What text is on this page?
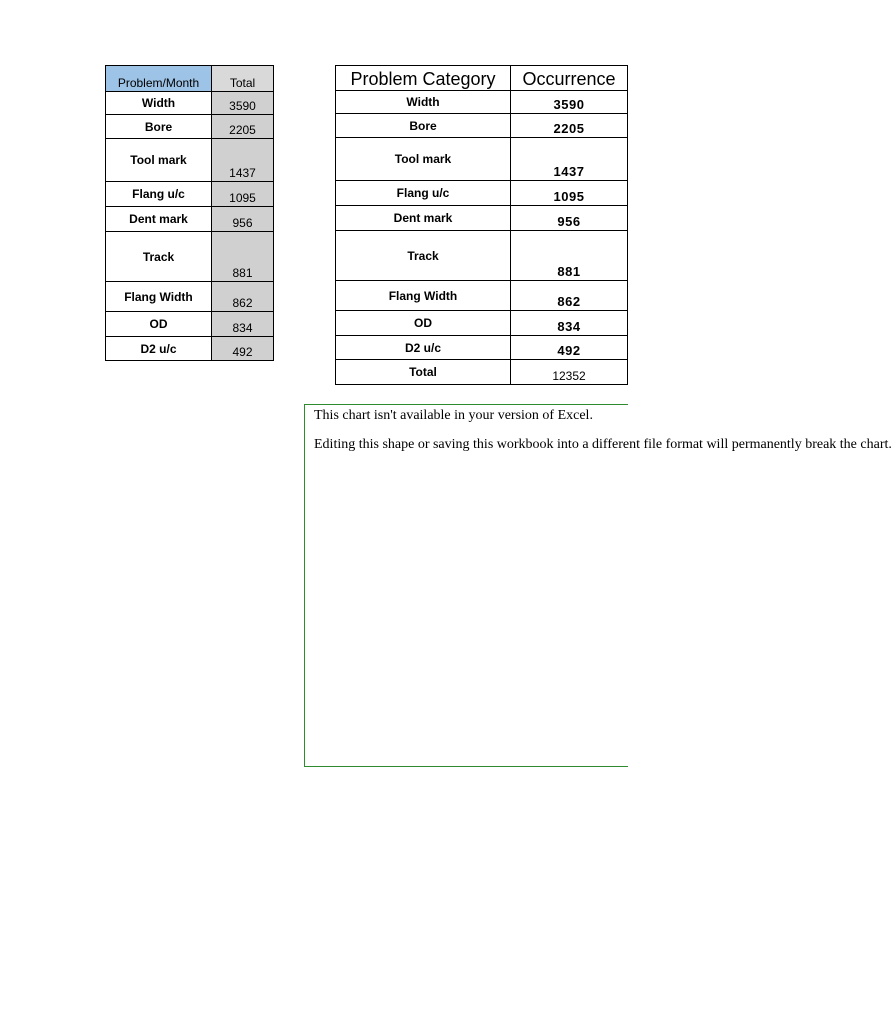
Problem/Month	Total
Width	3590
Bore	2205
Tool mark	1437
Flang u/c	1095
Dent mark	956
Track	881
Flang Width	862
OD	834
D2 u/c	492
Problem Category	Occurrence
Width	3590
Bore	2205
Tool mark	1437
Flang u/c	1095
Dent mark	956
Track	881
Flang Width	862
OD	834
D2 u/c	492
Total	12352

This chart isn't available in your version of Excel.

Editing this shape or saving this workbook into a different file format will permanently break the chart.
